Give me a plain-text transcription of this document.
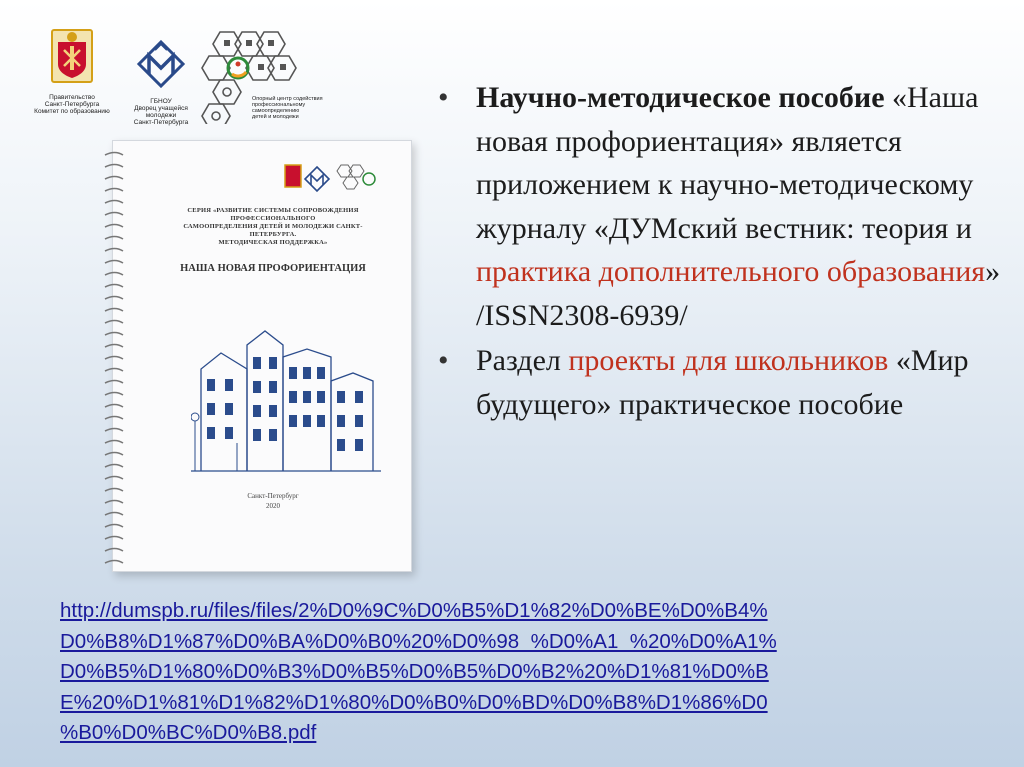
Правительство
Санкт-Петербурга
Комитет по образованию
ГБНОУ
Дворец учащейся молодежи
Санкт-Петербурга
Опорный центр содействия
профессиональному
самоопределению
детей и молодежи
СЕРИЯ «РАЗВИТИЕ СИСТЕМЫ СОПРОВОЖДЕНИЯ ПРОФЕССИОНАЛЬНОГО
САМООПРЕДЕЛЕНИЯ ДЕТЕЙ И МОЛОДЕЖИ САНКТ-ПЕТЕРБУРГА.
МЕТОДИЧЕСКАЯ ПОДДЕРЖКА»
НАША НОВАЯ ПРОФОРИЕНТАЦИЯ
Санкт-Петербург
2020
• Научно-методическое пособие «Наша новая профориентация» является приложением к научно-методическому журналу «ДУМский вестник: теория и практика дополнительного образования» /ISSN2308-6939/
• Раздел проекты для школьников «Мир будущего» практическое пособие
http://dumspb.ru/files/files/2%D0%9C%D0%B5%D1%82%D0%BE%D0%B4%
D0%B8%D1%87%D0%BA%D0%B0%20%D0%98_%D0%A1_%20%D0%A1%
D0%B5%D1%80%D0%B3%D0%B5%D0%B5%D0%B2%20%D1%81%D0%B
E%20%D1%81%D1%82%D1%80%D0%B0%D0%BD%D0%B8%D1%86%D0
%B0%D0%BC%D0%B8.pdf
